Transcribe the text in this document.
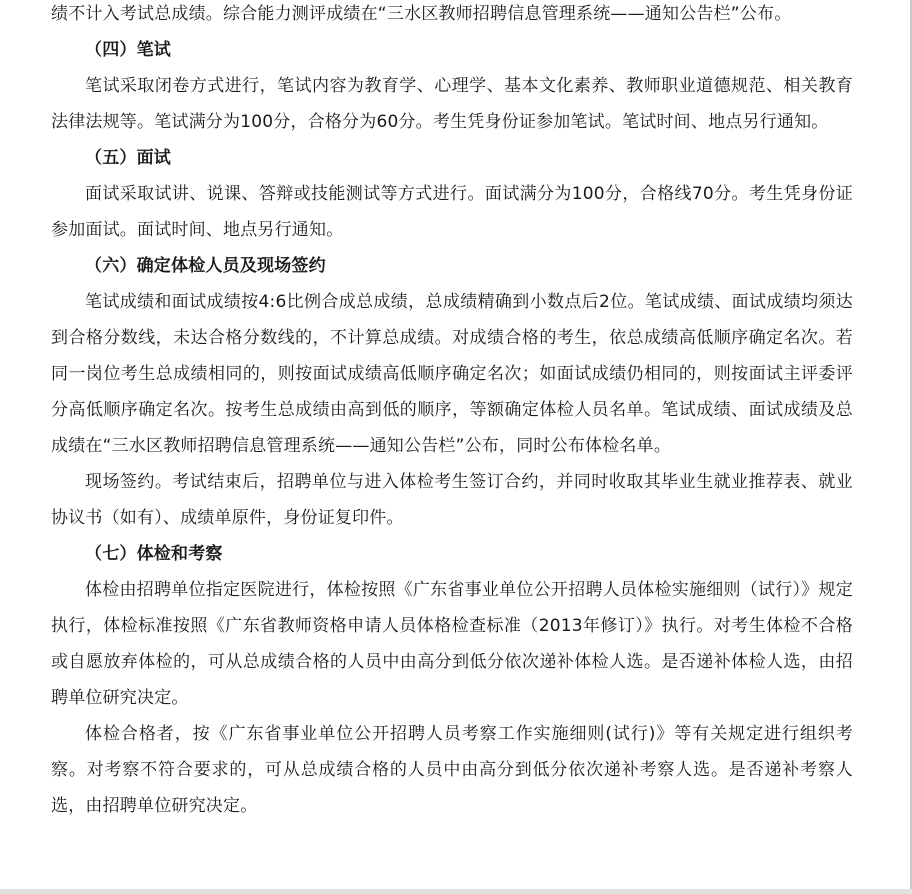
绩不计入考试总成绩。综合能力测评成绩在“三水区教师招聘信息管理系统——通知公告栏”公布。

（四）笔试

笔试采取闭卷方式进行，笔试内容为教育学、心理学、基本文化素养、教师职业道德规范、相关教育法律法规等。笔试满分为100分，合格分为60分。考生凭身份证参加笔试。笔试时间、地点另行通知。

（五）面试

面试采取试讲、说课、答辩或技能测试等方式进行。面试满分为100分，合格线70分。考生凭身份证参加面试。面试时间、地点另行通知。

（六）确定体检人员及现场签约

笔试成绩和面试成绩按4:6比例合成总成绩，总成绩精确到小数点后2位。笔试成绩、面试成绩均须达到合格分数线，未达合格分数线的，不计算总成绩。对成绩合格的考生，依总成绩高低顺序确定名次。若同一岗位考生总成绩相同的，则按面试成绩高低顺序确定名次；如面试成绩仍相同的，则按面试主评委评分高低顺序确定名次。按考生总成绩由高到低的顺序，等额确定体检人员名单。笔试成绩、面试成绩及总成绩在“三水区教师招聘信息管理系统——通知公告栏”公布，同时公布体检名单。

现场签约。考试结束后，招聘单位与进入体检考生签订合约，并同时收取其毕业生就业推荐表、就业协议书（如有）、成绩单原件，身份证复印件。

（七）体检和考察

体检由招聘单位指定医院进行，体检按照《广东省事业单位公开招聘人员体检实施细则（试行）》规定执行，体检标准按照《广东省教师资格申请人员体格检查标准（2013年修订）》执行。对考生体检不合格或自愿放弃体检的，可从总成绩合格的人员中由高分到低分依次递补体检人选。是否递补体检人选，由招聘单位研究决定。

体检合格者，按《广东省事业单位公开招聘人员考察工作实施细则(试行)》等有关规定进行组织考察。对考察不符合要求的，可从总成绩合格的人员中由高分到低分依次递补考察人选。是否递补考察人选，由招聘单位研究决定。
